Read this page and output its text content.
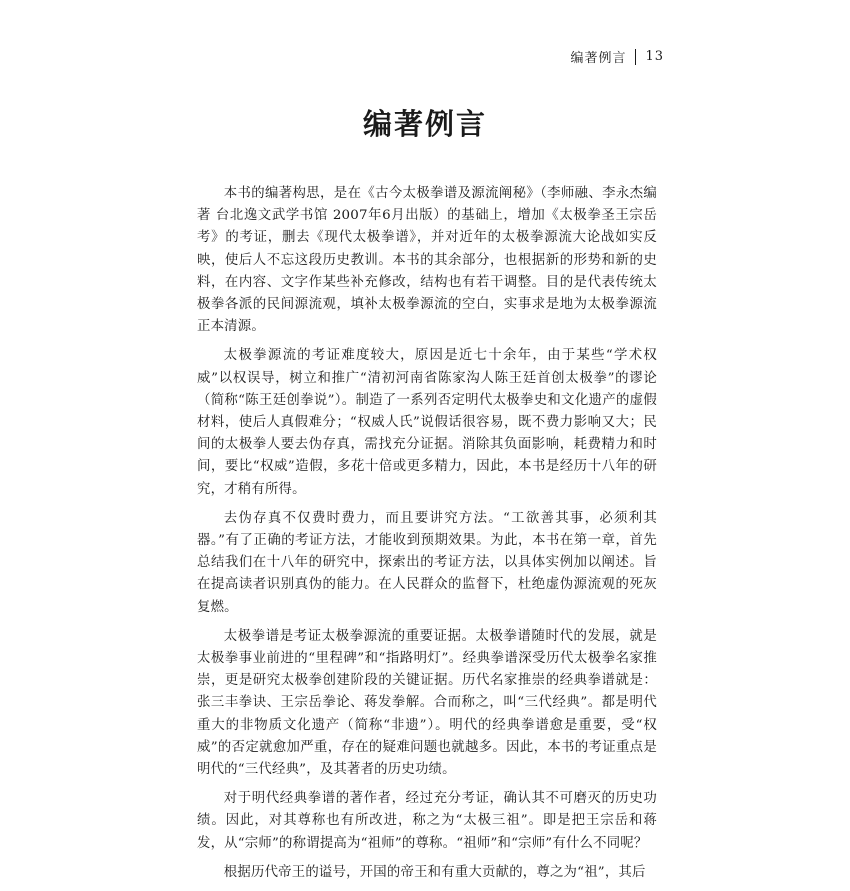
编著例言 13
编著例言

本书的编著构思，是在《古今太极拳谱及源流阐秘》（李师融、李永杰编著 台北逸文武学书馆 2007年6月出版）的基础上，增加《太极拳圣王宗岳考》的考证，删去《现代太极拳谱》，并对近年的太极拳源流大论战如实反映，使后人不忘这段历史教训。本书的其余部分，也根据新的形势和新的史料，在内容、文字作某些补充修改，结构也有若干调整。目的是代表传统太极拳各派的民间源流观，填补太极拳源流的空白，实事求是地为太极拳源流正本清源。

太极拳源流的考证难度较大，原因是近七十余年，由于某些“学术权威”以权误导，树立和推广“清初河南省陈家沟人陈王廷首创太极拳”的谬论（简称“陈王廷创拳说”）。制造了一系列否定明代太极拳史和文化遗产的虚假材料，使后人真假难分；“权威人氏”说假话很容易，既不费力影响又大；民间的太极拳人要去伪存真，需找充分证据。消除其负面影响，耗费精力和时间，要比“权威”造假，多花十倍或更多精力，因此，本书是经历十八年的研究，才稍有所得。

去伪存真不仅费时费力，而且要讲究方法。“工欲善其事，必须利其器。”有了正确的考证方法，才能收到预期效果。为此，本书在第一章，首先总结我们在十八年的研究中，探索出的考证方法，以具体实例加以阐述。旨在提高读者识别真伪的能力。在人民群众的监督下，杜绝虚伪源流观的死灰复燃。

太极拳谱是考证太极拳源流的重要证据。太极拳谱随时代的发展，就是太极拳事业前进的“里程碑”和“指路明灯”。经典拳谱深受历代太极拳名家推崇，更是研究太极拳创建阶段的关键证据。历代名家推崇的经典拳谱就是：张三丰拳诀、王宗岳拳论、蒋发拳解。合而称之，叫“三代经典”。都是明代重大的非物质文化遗产（简称“非遗”）。明代的经典拳谱愈是重要，受“权威”的否定就愈加严重，存在的疑难问题也就越多。因此，本书的考证重点是明代的“三代经典”，及其著者的历史功绩。

对于明代经典拳谱的著作者，经过充分考证，确认其不可磨灭的历史功绩。因此，对其尊称也有所改进，称之为“太极三祖”。即是把王宗岳和蒋发，从“宗师”的称谓提高为“祖师”的尊称。“祖师”和“宗师”有什么不同呢？

根据历代帝王的谥号，开国的帝王和有重大贡献的，尊之为“祖”，其后
